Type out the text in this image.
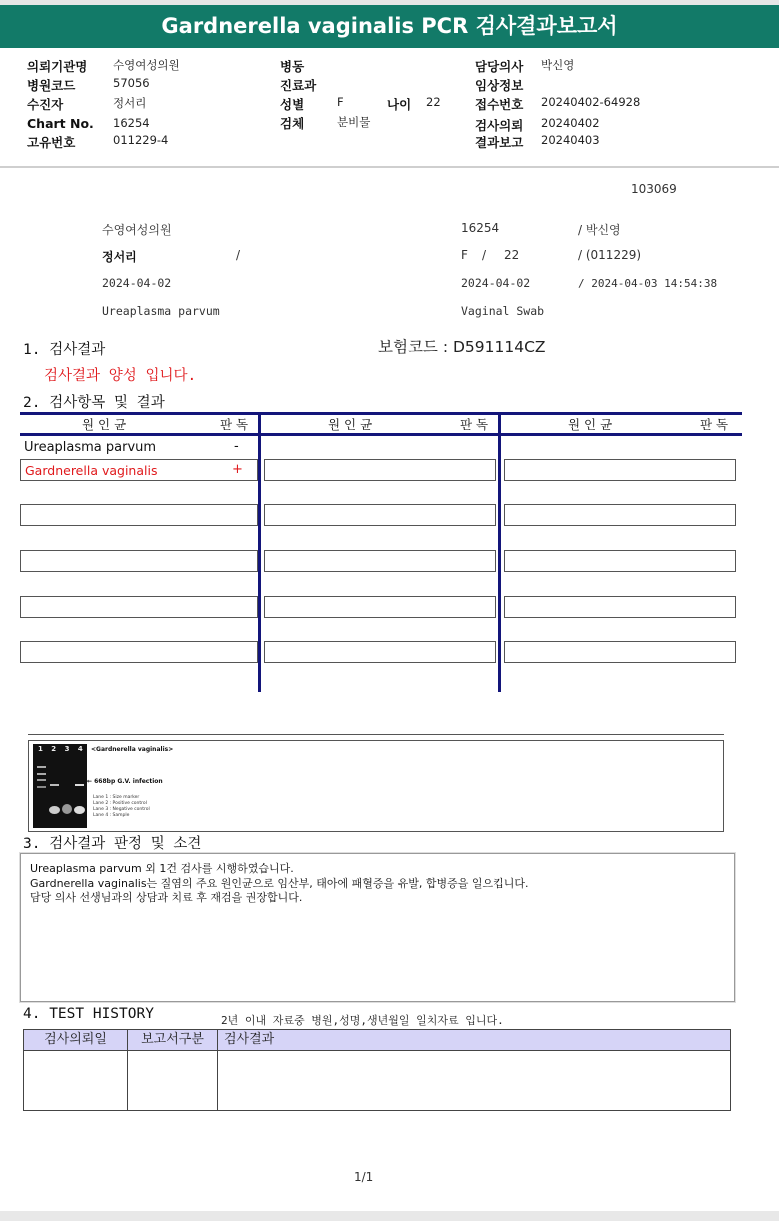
Gardnerella vaginalis PCR 검사결과보고서
의뢰기관명 수영여성의원
병원코드	57056
수진자	정서리
Chart No. 16254
고유번호	011229-4
병동
진료과
성별	F	나이 22
검체	분비물
담당의사 박신영
임상정보
접수번호 20240402-64928
검사의뢰 20240402
결과보고 20240403
103069
수영여성의원	16254	/ 박신영
정서리	/	F / 22	/ (011229)
2024-04-02	2024-04-02	/ 2024-04-03 14:54:38
Ureaplasma parvum	Vaginal Swab
1. 검사결과	보험코드 : D591114CZ
검사결과 양성 입니다.
2. 검사항목 및 결과
원 인 균	판 독	원 인 균	판 독	원 인 균	판 독
Ureaplasma parvum	-
Gardnerella vaginalis	+
1 2 3 4 <Gardnerella vaginalis>
← 668bp G.V. infection
Lane 1 : Size marker
Lane 2 : Positive control
Lane 3 : Negative control
Lane 4 : Sample
3. 검사결과 판정 및 소견
Ureaplasma parvum 외 1건 검사를 시행하였습니다.
Gardnerella vaginalis는 질염의 주요 원인균으로 임산부, 태아에 패혈증을 유발, 합병증을 일으킵니다.
담당 의사 선생님과의 상담과 치료 후 재검을 권장합니다.
4. TEST HISTORY	2년 이내 자료중 병원,성명,생년월일 일치자료 입니다.
검사의뢰일	보고서구분	검사결과
1/1
